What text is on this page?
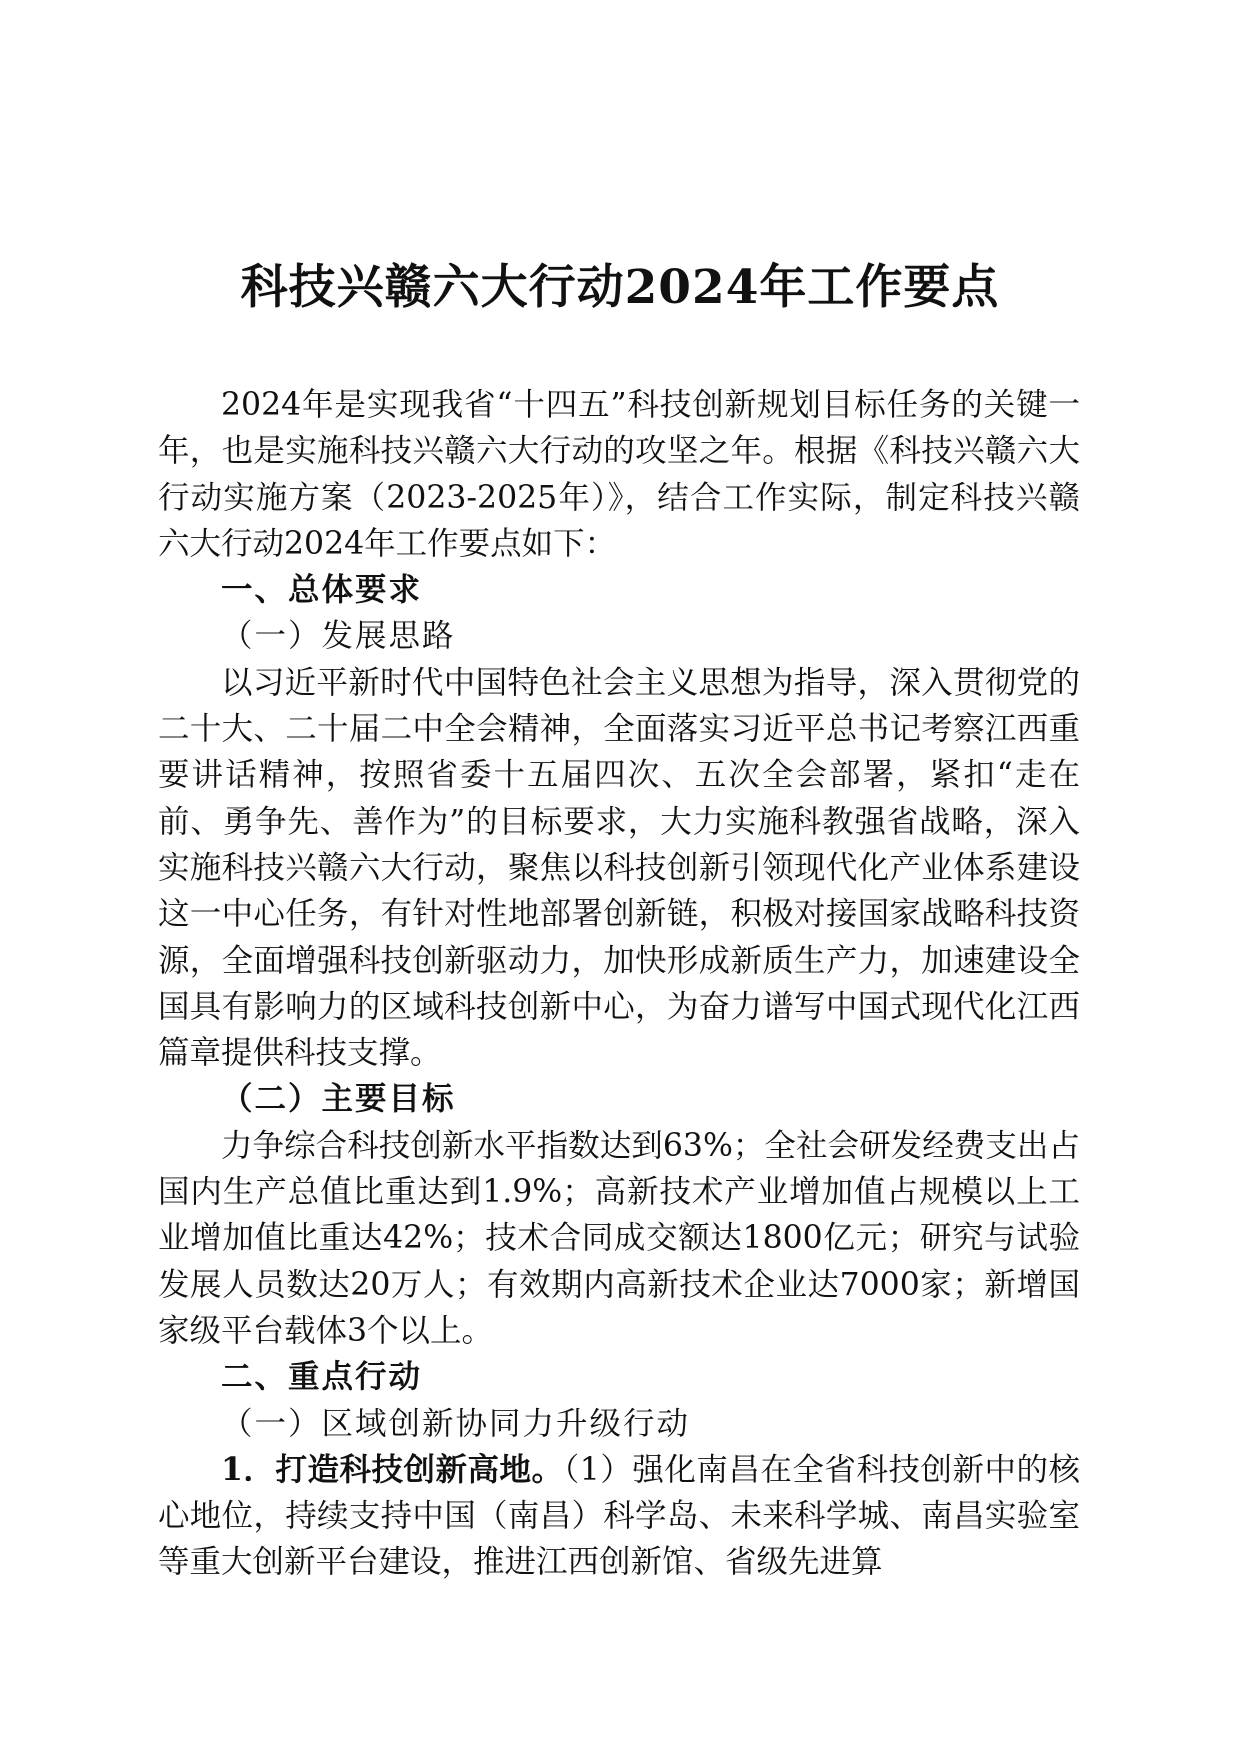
科技兴赣六大行动2024年工作要点

2024年是实现我省“十四五”科技创新规划目标任务的关键一年，也是实施科技兴赣六大行动的攻坚之年。根据《科技兴赣六大行动实施方案（2023-2025年）》，结合工作实际，制定科技兴赣六大行动2024年工作要点如下：

一、总体要求

（一）发展思路

以习近平新时代中国特色社会主义思想为指导，深入贯彻党的二十大、二十届二中全会精神，全面落实习近平总书记考察江西重要讲话精神，按照省委十五届四次、五次全会部署，紧扣“走在前、勇争先、善作为”的目标要求，大力实施科教强省战略，深入实施科技兴赣六大行动，聚焦以科技创新引领现代化产业体系建设这一中心任务，有针对性地部署创新链，积极对接国家战略科技资源，全面增强科技创新驱动力，加快形成新质生产力，加速建设全国具有影响力的区域科技创新中心，为奋力谱写中国式现代化江西篇章提供科技支撑。

（二）主要目标

力争综合科技创新水平指数达到63%；全社会研发经费支出占国内生产总值比重达到1.9%；高新技术产业增加值占规模以上工业增加值比重达42%；技术合同成交额达1800亿元；研究与试验发展人员数达20万人；有效期内高新技术企业达7000家；新增国家级平台载体3个以上。

二、重点行动

（一）区域创新协同力升级行动

1．打造科技创新高地。（1）强化南昌在全省科技创新中的核心地位，持续支持中国（南昌）科学岛、未来科学城、南昌实验室等重大创新平台建设，推进江西创新馆、省级先进算
